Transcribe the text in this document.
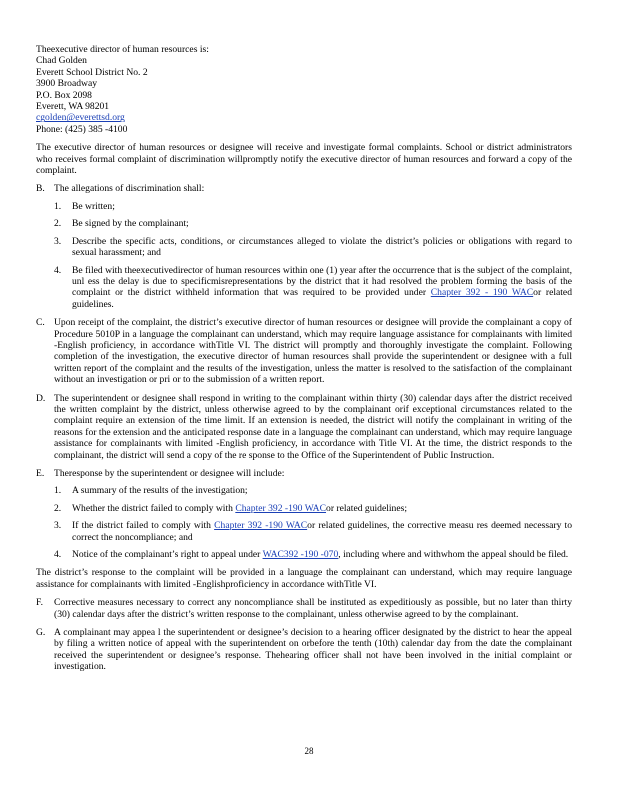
Theexecutive director of human resources is:
Chad Golden
Everett School District No. 2
3900 Broadway
P.O. Box 2098
Everett, WA 98201
cgolden@everettsd.org
Phone: (425) 385 -4100
The executive director of human resources or designee will receive and investigate formal complaints. School or district administrators who receives formal complaint of discrimination willpromptly notify the executive director of human resources and forward a copy of the complaint.
B. The allegations of discrimination shall:
1. Be written;
2. Be signed by the complainant;
3. Describe the specific acts, conditions, or circumstances alleged to violate the district’s policies or obligations with regard to sexual harassment; and
4. Be filed with theexecutivedirector of human resources within one (1) year after the occurrence that is the subject of the complaint, unl ess the delay is due to specificmisrepresentations by the district that it had resolved the problem forming the basis of the complaint or the district withheld information that was required to be provided under Chapter 392 - 190 WACor related guidelines.
C. Upon receipt of the complaint, the district’s executive director of human resources or designee will provide the complainant a copy of Procedure 5010P in a language the complainant can understand, which may require language assistance for complainants with limited -English proficiency, in accordance withTitle VI. The district will promptly and thoroughly investigate the complaint. Following completion of the investigation, the executive director of human resources shall provide the superintendent or designee with a full written report of the complaint and the results of the investigation, unless the matter is resolved to the satisfaction of the complainant without an investigation or pri or to the submission of a written report.
D. The superintendent or designee shall respond in writing to the complainant within thirty (30) calendar days after the district received the written complaint by the district, unless otherwise agreed to by the complainant orif exceptional circumstances related to the complaint require an extension of the time limit. If an extension is needed, the district will notify the complainant in writing of the reasons for the extension and the anticipated response date in a language the complainant can understand, which may require language assistance for complainants with limited -English proficiency, in accordance with Title VI. At the time, the district responds to the complainant, the district will send a copy of the re sponse to the Office of the Superintendent of Public Instruction.
E. Theresponse by the superintendent or designee will include:
1. A summary of the results of the investigation;
2. Whether the district failed to comply with Chapter 392 -190 WACor related guidelines;
3. If the district failed to comply with Chapter 392 -190 WACor related guidelines, the corrective measu res deemed necessary to correct the noncompliance; and
4. Notice of the complainant’s right to appeal under WAC392 -190 -070, including where and withwhom the appeal should be filed.
The district’s response to the complaint will be provided in a language the complainant can understand, which may require language assistance for complainants with limited -Englishproficiency in accordance withTitle VI.
F. Corrective measures necessary to correct any noncompliance shall be instituted as expeditiously as possible, but no later than thirty (30) calendar days after the district’s written response to the complainant, unless otherwise agreed to by the complainant.
G. A complainant may appea l the superintendent or designee’s decision to a hearing officer designated by the district to hear the appeal by filing a written notice of appeal with the superintendent on orbefore the tenth (10th) calendar day from the date the complainant received the superintendent or designee’s response. Thehearing officer shall not have been involved in the initial complaint or investigation.
28
